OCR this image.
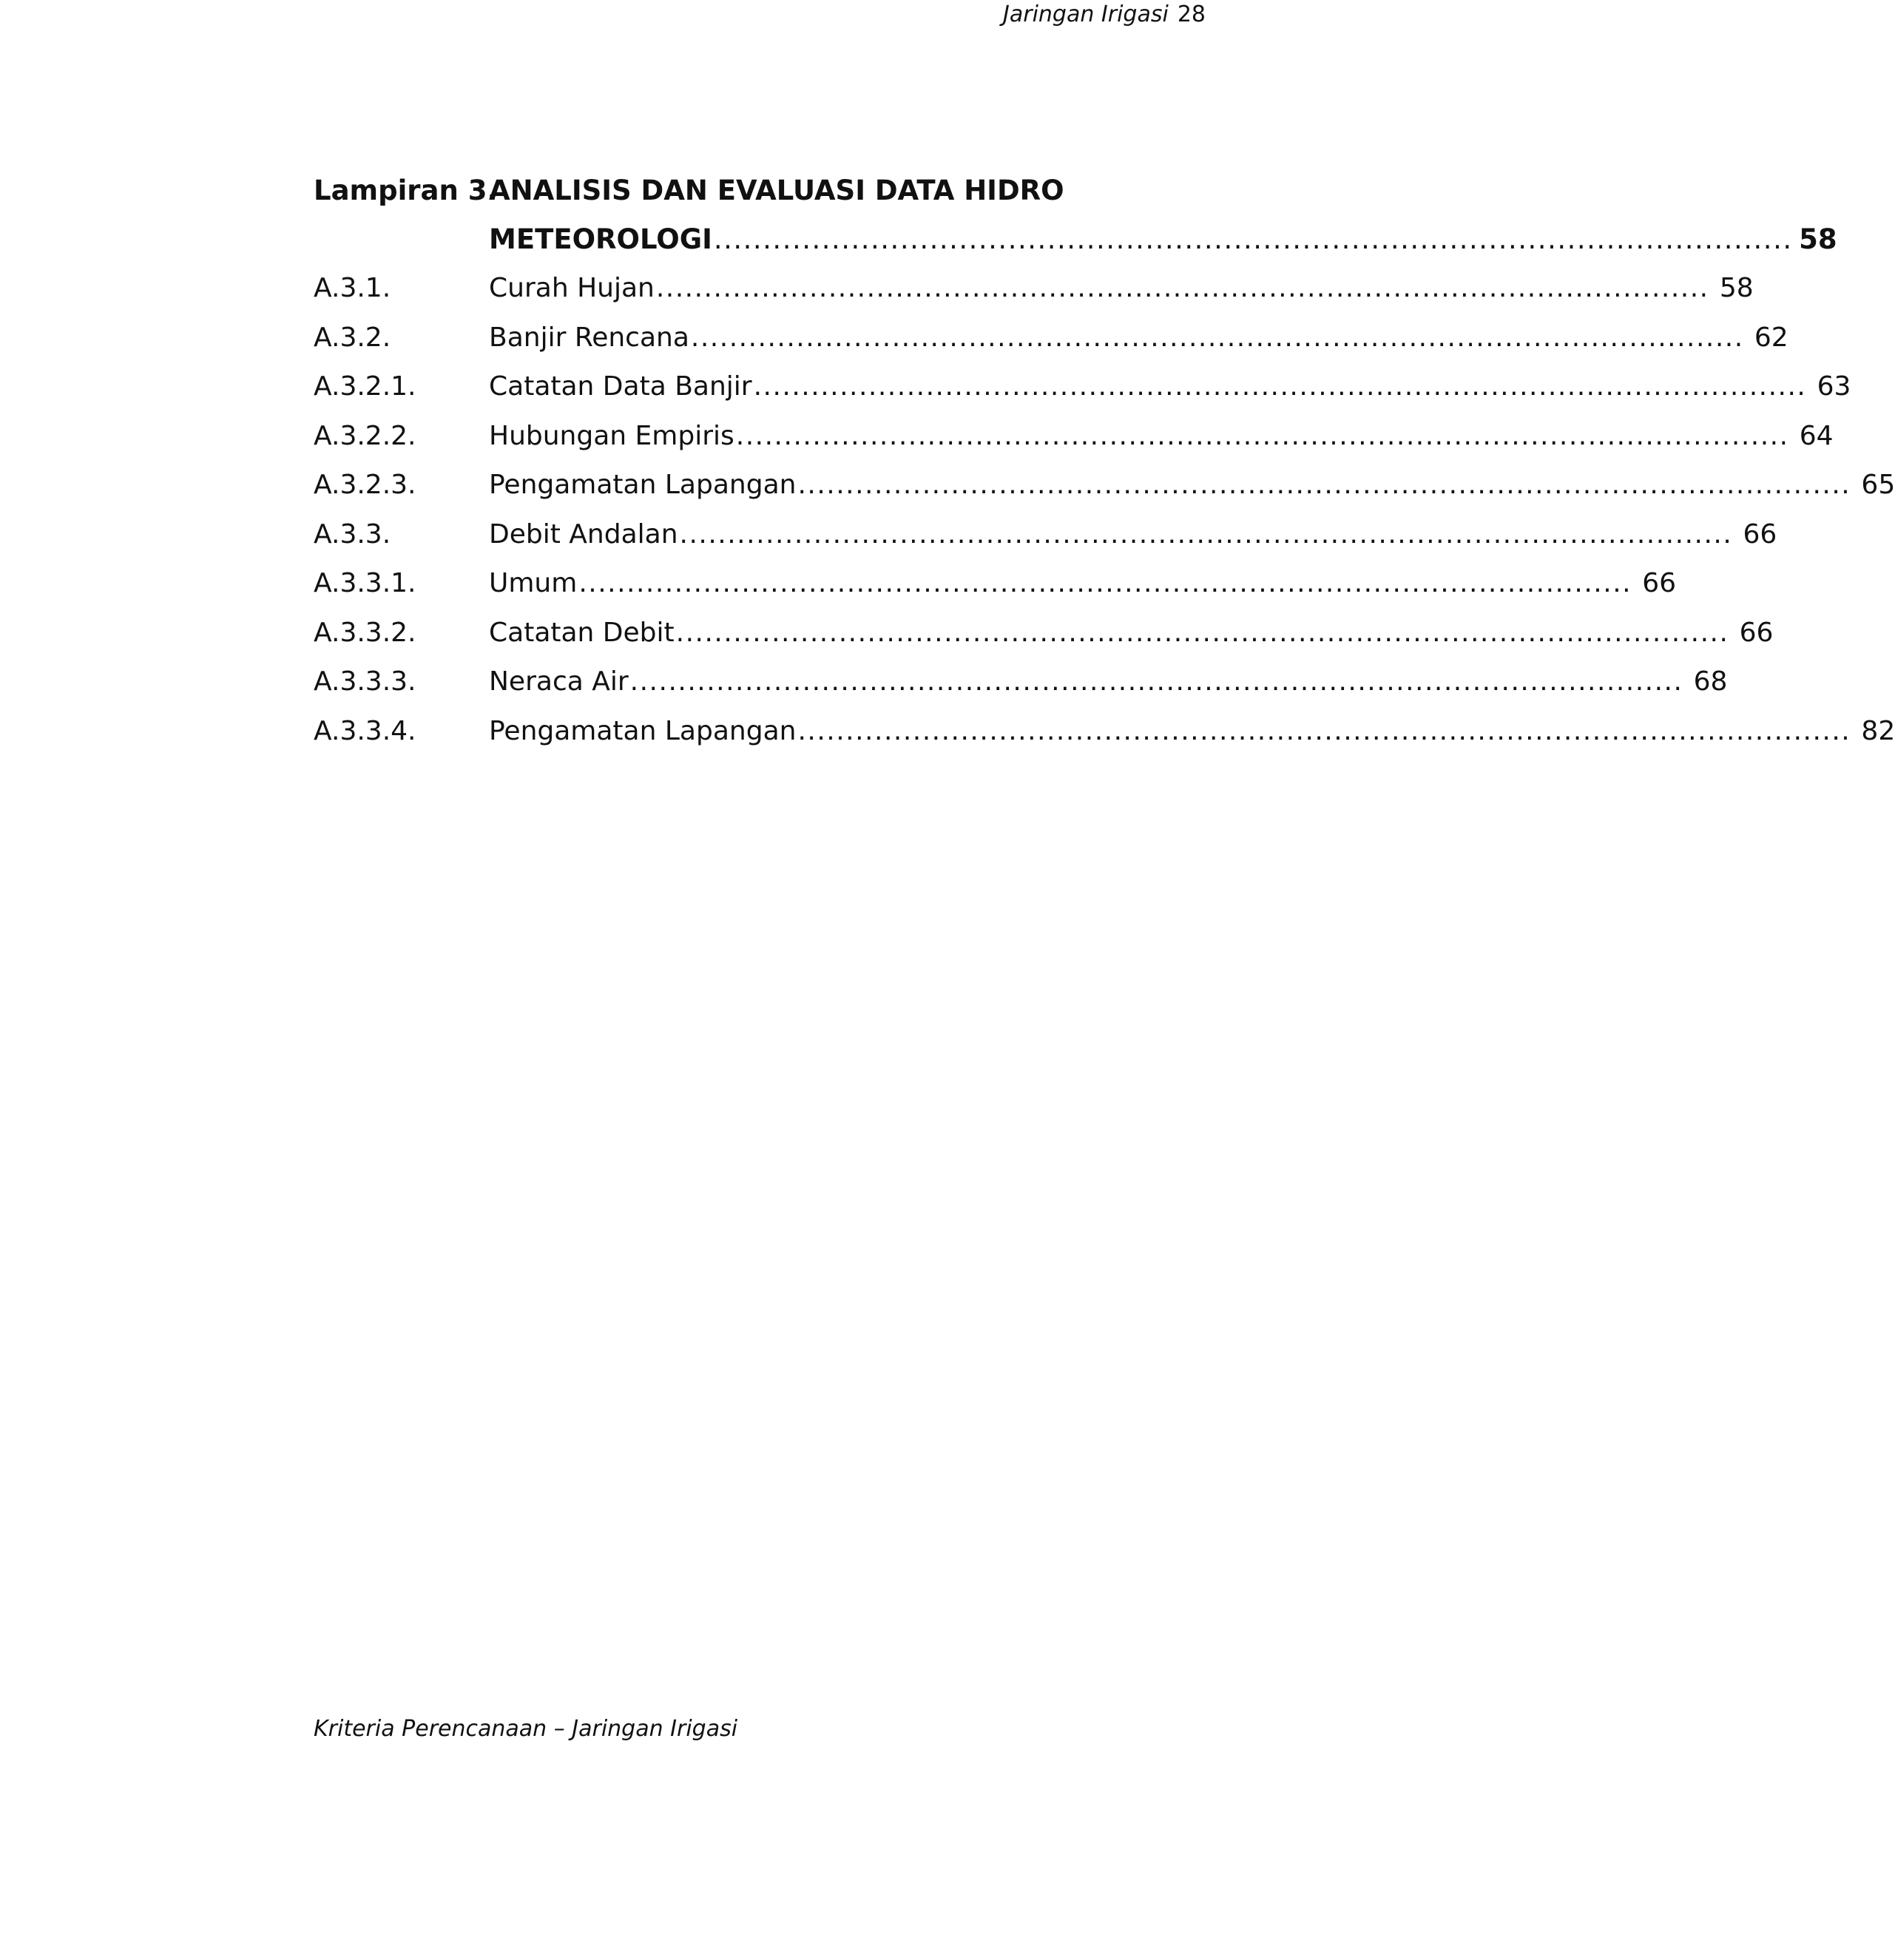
Jaringan Irigasi 28
Lampiran 3.
ANALISIS DAN EVALUASI DATA HIDRO
METEOROLOGI .............................................................................................................. 58
A.3.1.	Curah Hujan .............................................................................................................. 58
A.3.2.	Banjir Rencana .............................................................................................................. 62
A.3.2.1.	Catatan Data Banjir .............................................................................................................. 63
A.3.2.2.	Hubungan Empiris .............................................................................................................. 64
A.3.2.3.	Pengamatan Lapangan .............................................................................................................. 65
A.3.3.	Debit Andalan .............................................................................................................. 66
A.3.3.1.	Umum .............................................................................................................. 66
A.3.3.2.	Catatan Debit .............................................................................................................. 66
A.3.3.3.	Neraca Air .............................................................................................................. 68
A.3.3.4.	Pengamatan Lapangan .............................................................................................................. 82
Kriteria Perencanaan – Jaringan Irigasi
